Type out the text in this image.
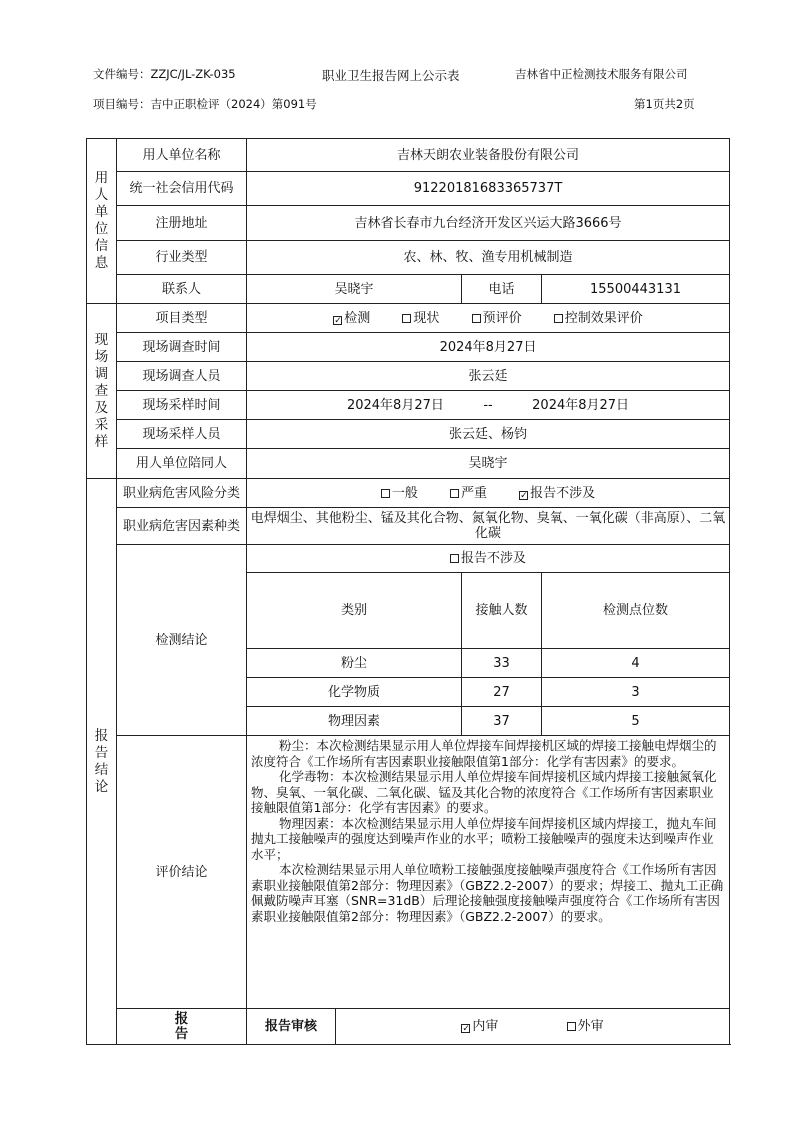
文件编号：ZZJC/JL-ZK-035	职业卫生报告网上公示表	吉林省中正检测技术服务有限公司
项目编号：吉中正职检评（2024）第091号	第1页共2页
用人单位信息	用人单位名称	吉林天朗农业装备股份有限公司				
	统一社会信用代码	91220181683365737T				
	注册地址	吉林省长春市九台经济开发区兴运大路3666号				
	行业类型	农、林、牧、渔专用机械制造				
	联系人	吴晓宇		电话	15500443131	

现场调查及采样	项目类型	✓ 检测 现状 预评价 控制效果评价				
	现场调查时间	2024年8月27日				
	现场调查人员	张云廷				
	现场采样时间	2024年8月27日 -- 2024年8月27日				
	现场采样人员	张云廷、杨钧				
	用人单位陪同人	吴晓宇				

报告结论	职业病危害风险分类	一般 严重 ✓ 报告不涉及				
	职业病危害因素种类	电焊烟尘、其他粉尘、锰及其化合物、氮氧化物、臭氧、一氧化碳（非高原）、二氧化碳				
	检测结论	报告不涉及				
		类别		接触人数	检测点位数	
		粉尘		33	4	
		化学物质		27	3	
		物理因素		37	5	
	评价结论	粉尘：本次检测结果显示用人单位焊接车间焊接机区域的焊接工接触电焊烟尘的浓度符合《工作场所有害因素职业接触限值第1部分：化学有害因素》的要求。
化学毒物：本次检测结果显示用人单位焊接车间焊接机区域内焊接工接触氮氧化物、臭氧、一氧化碳、二氧化碳、锰及其化合物的浓度符合《工作场所有害因素职业接触限值第1部分：化学有害因素》的要求。
物理因素：本次检测结果显示用人单位焊接车间焊接机区域内焊接工，抛丸车间抛丸工接触噪声的强度达到噪声作业的水平；喷粉工接触噪声的强度未达到噪声作业水平；
本次检测结果显示用人单位喷粉工接触强度接触噪声强度符合《工作场所有害因素职业接触限值第2部分：物理因素》（GBZ2.2-2007）的要求；焊接工、抛丸工正确佩戴防噪声耳塞（SNR=31dB）后理论接触强度接触噪声强度符合《工作场所有害因素职业接触限值第2部分：物理因素》（GBZ2.2-2007）的要求。				

	报告	报告审核	✓ 内审 外审			
